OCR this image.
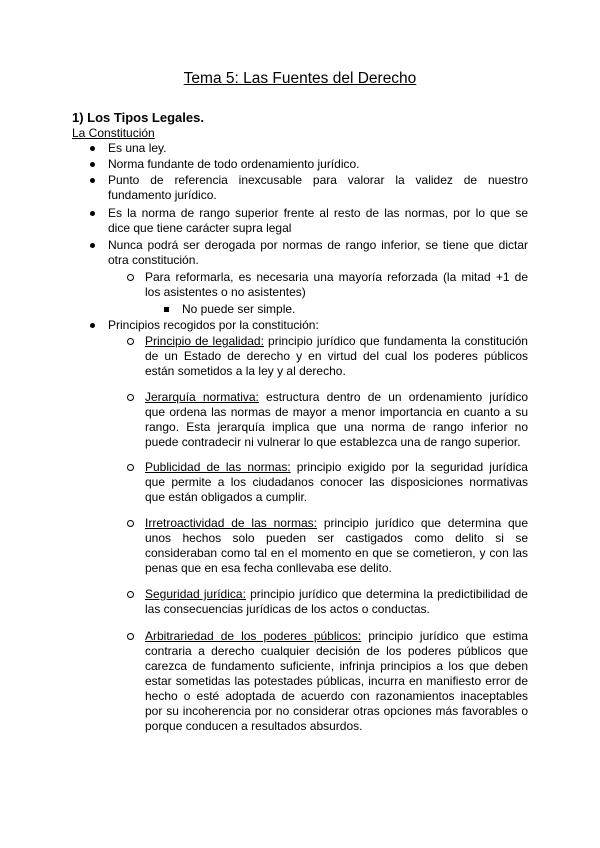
Tema 5: Las Fuentes del Derecho
1) Los Tipos Legales.
La Constitución

Es una ley.

Norma fundante de todo ordenamiento jurídico.

Punto de referencia inexcusable para valorar la validez de nuestro

fundamento jurídico.

Es la norma de rango superior frente al resto de las normas, por lo que se

dice que tiene carácter supra legal

Nunca podrá ser derogada por normas de rango inferior, se tiene que dictar

otra constitución.

Para reformarla, es necesaria una mayoría reforzada (la mitad +1 de

los asistentes o no asistentes)

No puede ser simple.

Principios recogidos por la constitución:

Principio de legalidad: principio jurídico que fundamenta la constitución

de un Estado de derecho y en virtud del cual los poderes públicos

están sometidos a la ley y al derecho.

Jerarquía normativa: estructura dentro de un ordenamiento jurídico

que ordena las normas de mayor a menor importancia en cuanto a su

rango. Esta jerarquía implica que una norma de rango inferior no

puede contradecir ni vulnerar lo que establezca una de rango superior.

Publicidad de las normas: principio exigido por la seguridad jurídica

que permite a los ciudadanos conocer las disposiciones normativas

que están obligados a cumplir.

Irretroactividad de las normas: principio jurídico que determina que

unos hechos solo pueden ser castigados como delito si se

consideraban como tal en el momento en que se cometieron, y con las

penas que en esa fecha conllevaba ese delito.

Seguridad jurídica: principio jurídico que determina la predictibilidad de

las consecuencias jurídicas de los actos o conductas.

Arbitrariedad de los poderes públicos: principio jurídico que estima

contraria a derecho cualquier decisión de los poderes públicos que

carezca de fundamento suficiente, infrinja principios a los que deben

estar sometidas las potestades públicas, incurra en manifiesto error de

hecho o esté adoptada de acuerdo con razonamientos inaceptables

por su incoherencia por no considerar otras opciones más favorables o

porque conducen a resultados absurdos.
